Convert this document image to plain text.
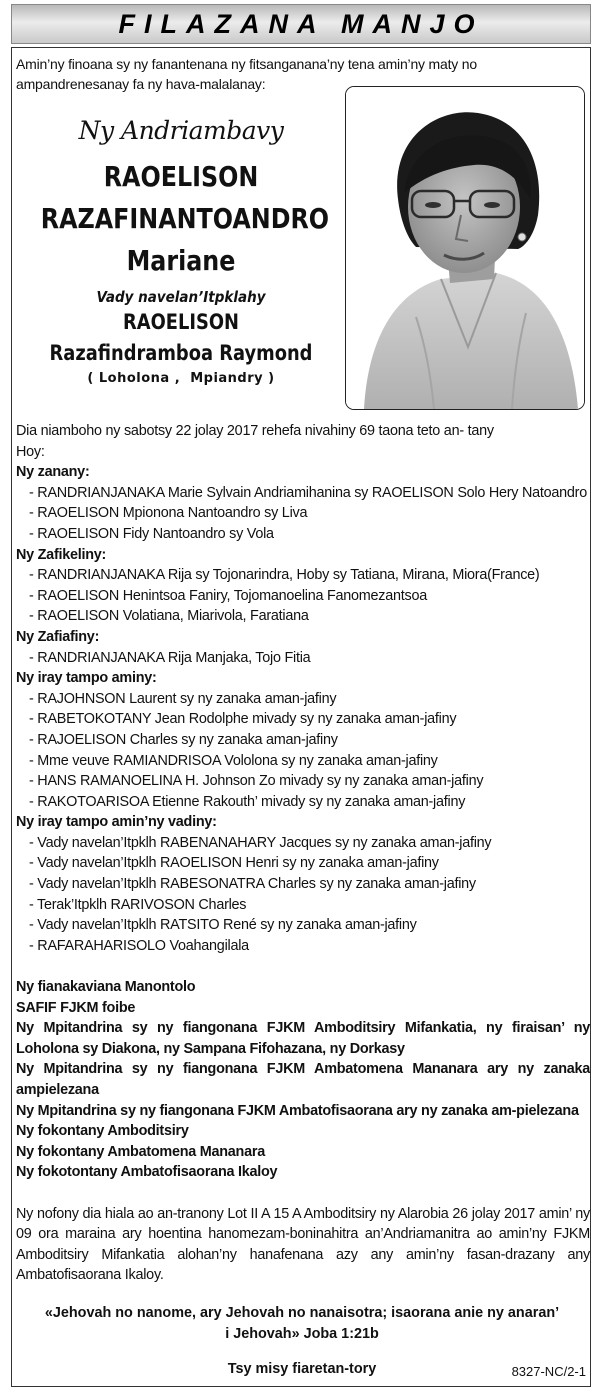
FILAZANA MANJO
Amin’ny finoana sy ny fanantenana ny fitsanganana’ny tena amin’ny maty no ampandrenesanay fa ny hava-malalanay:
Ny Andriambavy
RAOELISON
RAZAFINANTOANDRO
Mariane
Vady navelan’Itpklahy
RAOELISON
Razafindramboa Raymond
( Loholona ,  Mpiandry )
Dia niamboho ny sabotsy 22 jolay 2017 rehefa nivahiny 69 taona teto an- tany
Hoy:
Ny zanany:
- RANDRIANJANAKA Marie Sylvain Andriamihanina sy RAOELISON Solo Hery Natoandro
- RAOELISON Mpionona Nantoandro sy Liva
- RAOELISON Fidy Nantoandro sy Vola
Ny Zafikeliny:
- RANDRIANJANAKA Rija sy Tojonarindra, Hoby sy Tatiana, Mirana, Miora(France)
- RAOELISON Henintsoa Faniry, Tojomanoelina Fanomezantsoa
- RAOELISON Volatiana, Miarivola, Faratiana
Ny Zafiafiny:
- RANDRIANJANAKA Rija Manjaka, Tojo Fitia
Ny iray tampo aminy:
- RAJOHNSON Laurent sy ny zanaka aman-jafiny
- RABETOKOTANY Jean Rodolphe mivady sy ny zanaka aman-jafiny
- RAJOELISON Charles sy ny zanaka aman-jafiny
- Mme veuve RAMIANDRISOA Vololona sy ny zanaka aman-jafiny
- HANS RAMANOELINA H. Johnson Zo mivady sy ny zanaka aman-jafiny
- RAKOTOARISOA Etienne Rakouth’ mivady sy ny zanaka aman-jafiny
Ny iray tampo amin’ny vadiny:
- Vady navelan’Itpklh RABENANAHARY Jacques sy ny zanaka aman-jafiny
- Vady navelan’Itpklh RAOELISON Henri sy ny zanaka aman-jafiny
- Vady navelan’Itpklh RABESONATRA Charles sy ny zanaka aman-jafiny
- Terak’Itpklh RARIVOSON Charles
- Vady navelan’Itpklh RATSITO René sy ny zanaka aman-jafiny
- RAFARAHARISOLO Voahangilala
Ny fianakaviana Manontolo
SAFIF FJKM foibe
Ny Mpitandrina sy ny fiangonana FJKM Amboditsiry Mifankatia, ny firaisan’ ny Loholona sy Diakona, ny Sampana Fifohazana, ny Dorkasy
Ny Mpitandrina sy ny fiangonana FJKM Ambatomena Mananara ary ny zanaka ampielezana
Ny Mpitandrina sy ny fiangonana FJKM Ambatofisaorana ary ny zanaka am-pielezana
Ny fokontany Amboditsiry
Ny fokontany Ambatomena Mananara
Ny fokotontany Ambatofisaorana Ikaloy
Ny nofony dia hiala ao an-tranony Lot II A 15 A Amboditsiry ny Alarobia 26 jolay 2017 amin’ ny 09 ora maraina ary hoentina hanomezam-boninahitra an’Andriamanitra ao amin’ny FJKM Amboditsiry Mifankatia alohan’ny hanafenana azy any amin’ny fasan-drazany any Ambatofisaorana Ikaloy.
«Jehovah no nanome, ary Jehovah no nanaisotra; isaorana anie ny anaran’
i Jehovah» Joba 1:21b
Tsy misy fiaretan-tory	8327-NC/2-1
